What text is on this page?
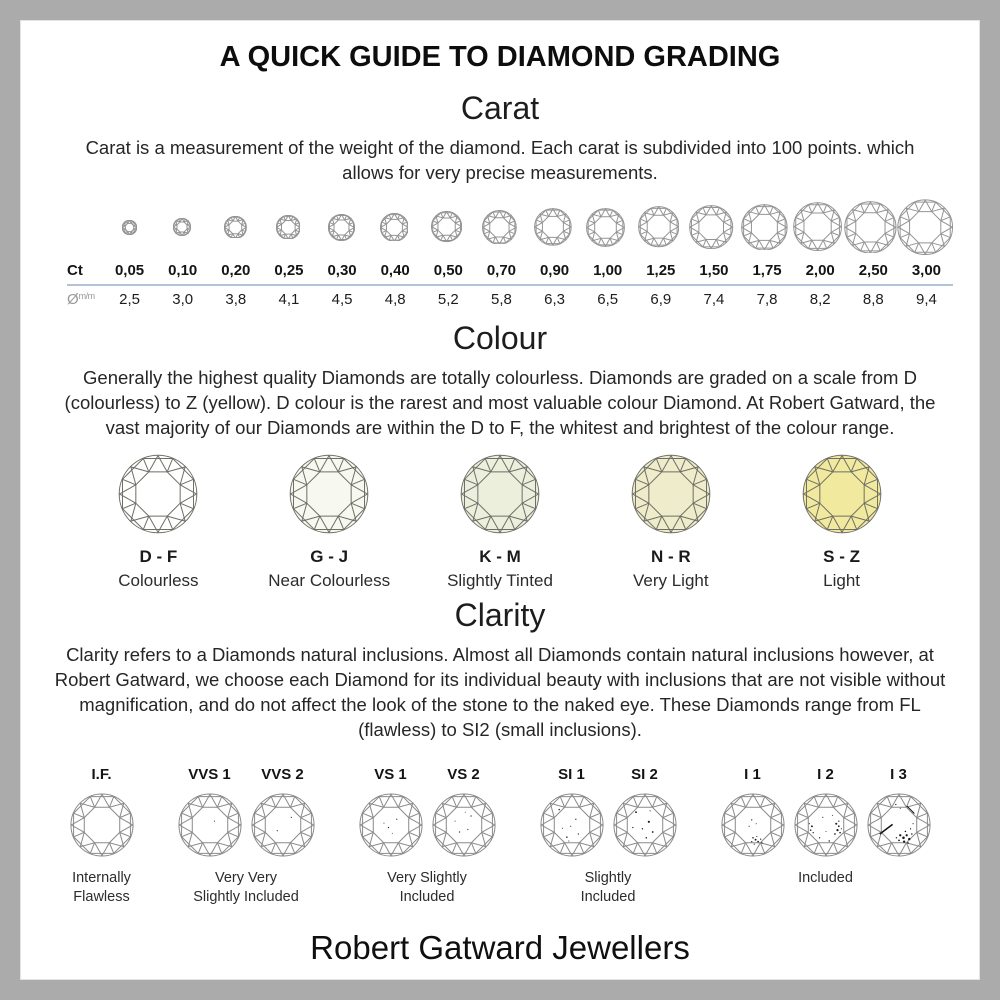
A QUICK GUIDE TO DIAMOND GRADING
Carat
Carat is a measurement of the weight of the diamond. Each carat is subdivided into 100 points. which
allows for very precise measurements.
Ct	0,05	0,10	0,20	0,25	0,30	0,40	0,50	0,70	0,90	1,00	1,25	1,50	1,75	2,00	2,50	3,00
$Ø^{m/m}$	2,5	3,0	3,8	4,1	4,5	4,8	5,2	5,8	6,3	6,5	6,9	7,4	7,8	8,2	8,8	9,4
Colour
Generally the highest quality Diamonds are totally colourless. Diamonds are graded on a scale from D
(colourless) to Z (yellow). D colour is the rarest and most valuable colour Diamond. At Robert Gatward, the
vast majority of our Diamonds are within the D to F, the whitest and brightest of the colour range.
D - F
Colourless
G - J
Near Colourless
K - M
Slightly Tinted
N - R
Very Light
S - Z
Light
Clarity
Clarity refers to a Diamonds natural inclusions. Almost all Diamonds contain natural inclusions however, at
Robert Gatward, we choose each Diamond for its individual beauty with inclusions that are not visible without
magnification, and do not affect the look of the stone to the naked eye. These Diamonds range from FL
(flawless) to SI2 (small inclusions).
I.F.
Internally
Flawless
VVS 1	VVS 2
Very Very
Slightly Included
VS 1	VS 2
Very Slightly
Included
SI 1	SI 2
Slightly
Included
I 1	I 2	I 3
Included
Robert Gatward Jewellers
